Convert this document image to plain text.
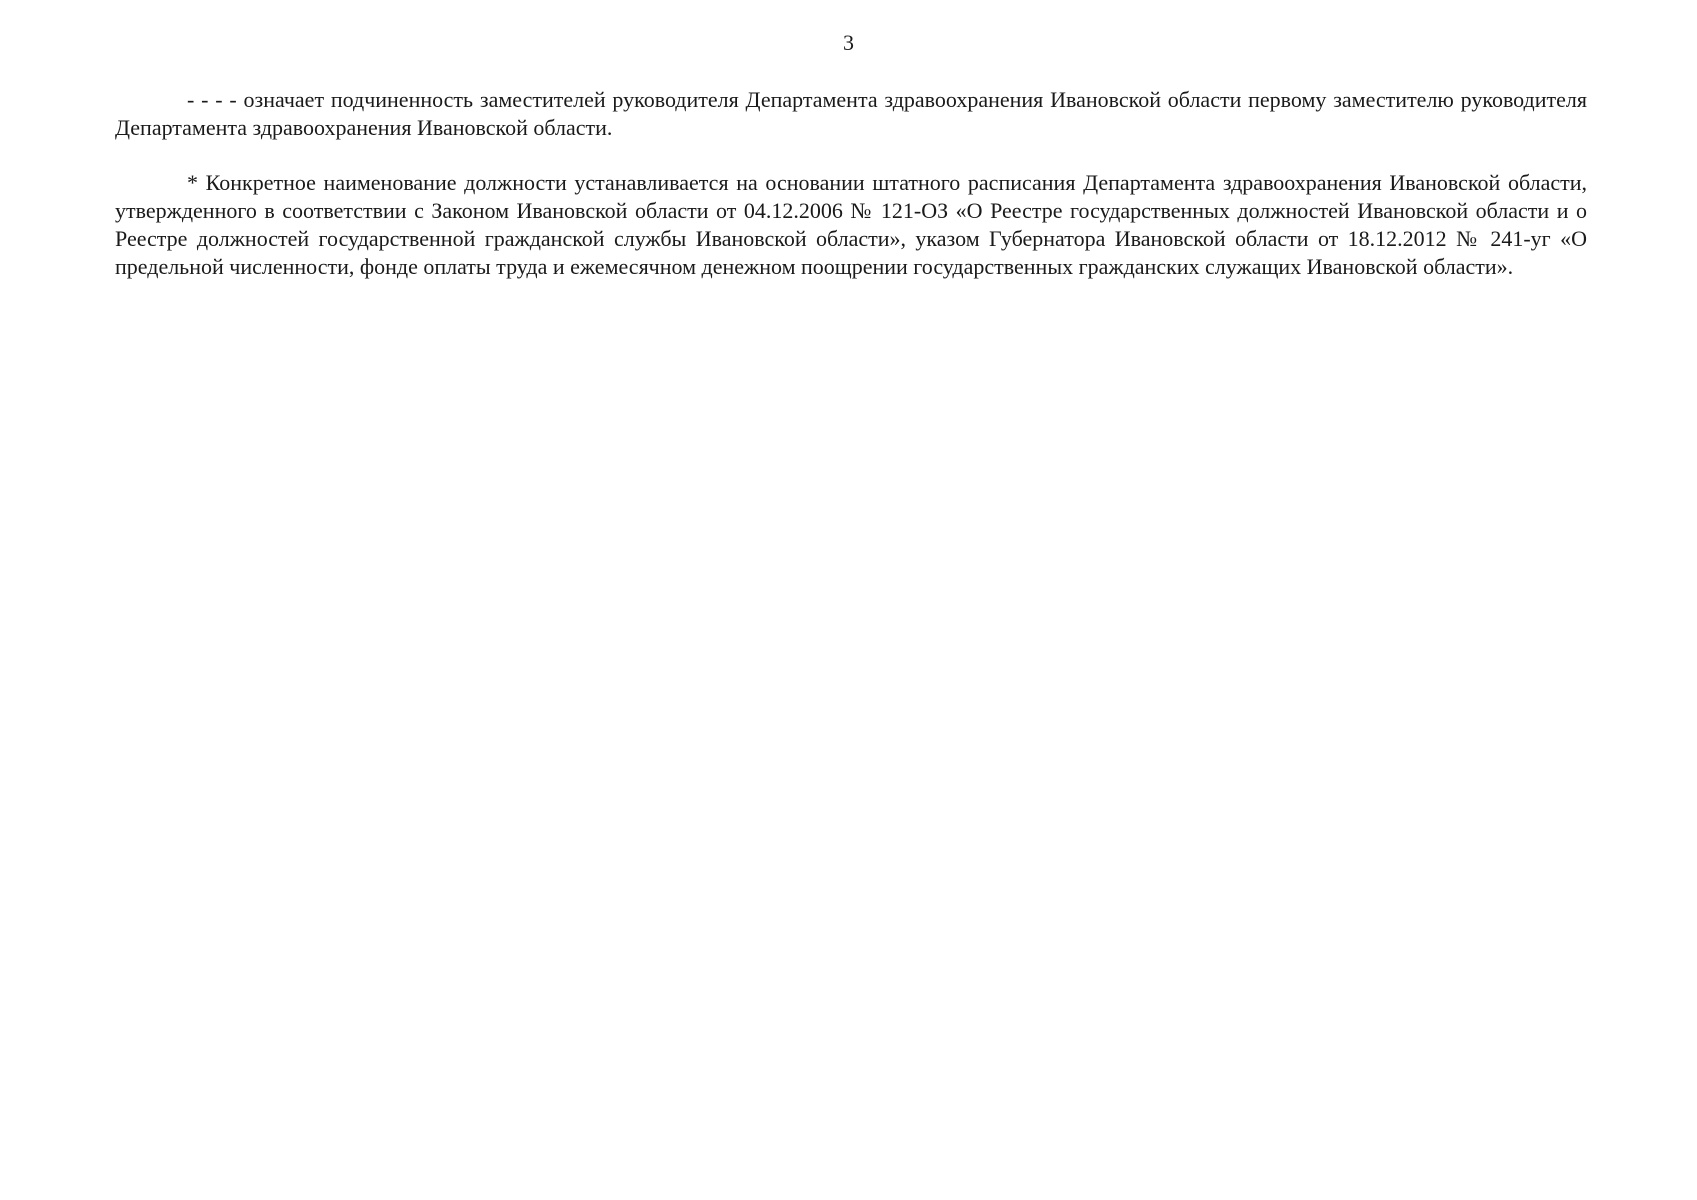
3

- - - - означает подчиненность заместителей руководителя Департамента здравоохранения Ивановской области первому заместителю руководителя Департамента здравоохранения Ивановской области.

* Конкретное наименование должности устанавливается на основании штатного расписания Департамента здравоохранения Ивановской области, утвержденного в соответствии с Законом Ивановской области от 04.12.2006 № 121-ОЗ «О Реестре государственных должностей Ивановской области и о Реестре должностей государственной гражданской службы Ивановской области», указом Губернатора Ивановской области от 18.12.2012 № 241-уг «О предельной численности, фонде оплаты труда и ежемесячном денежном поощрении государственных гражданских служащих Ивановской области».
